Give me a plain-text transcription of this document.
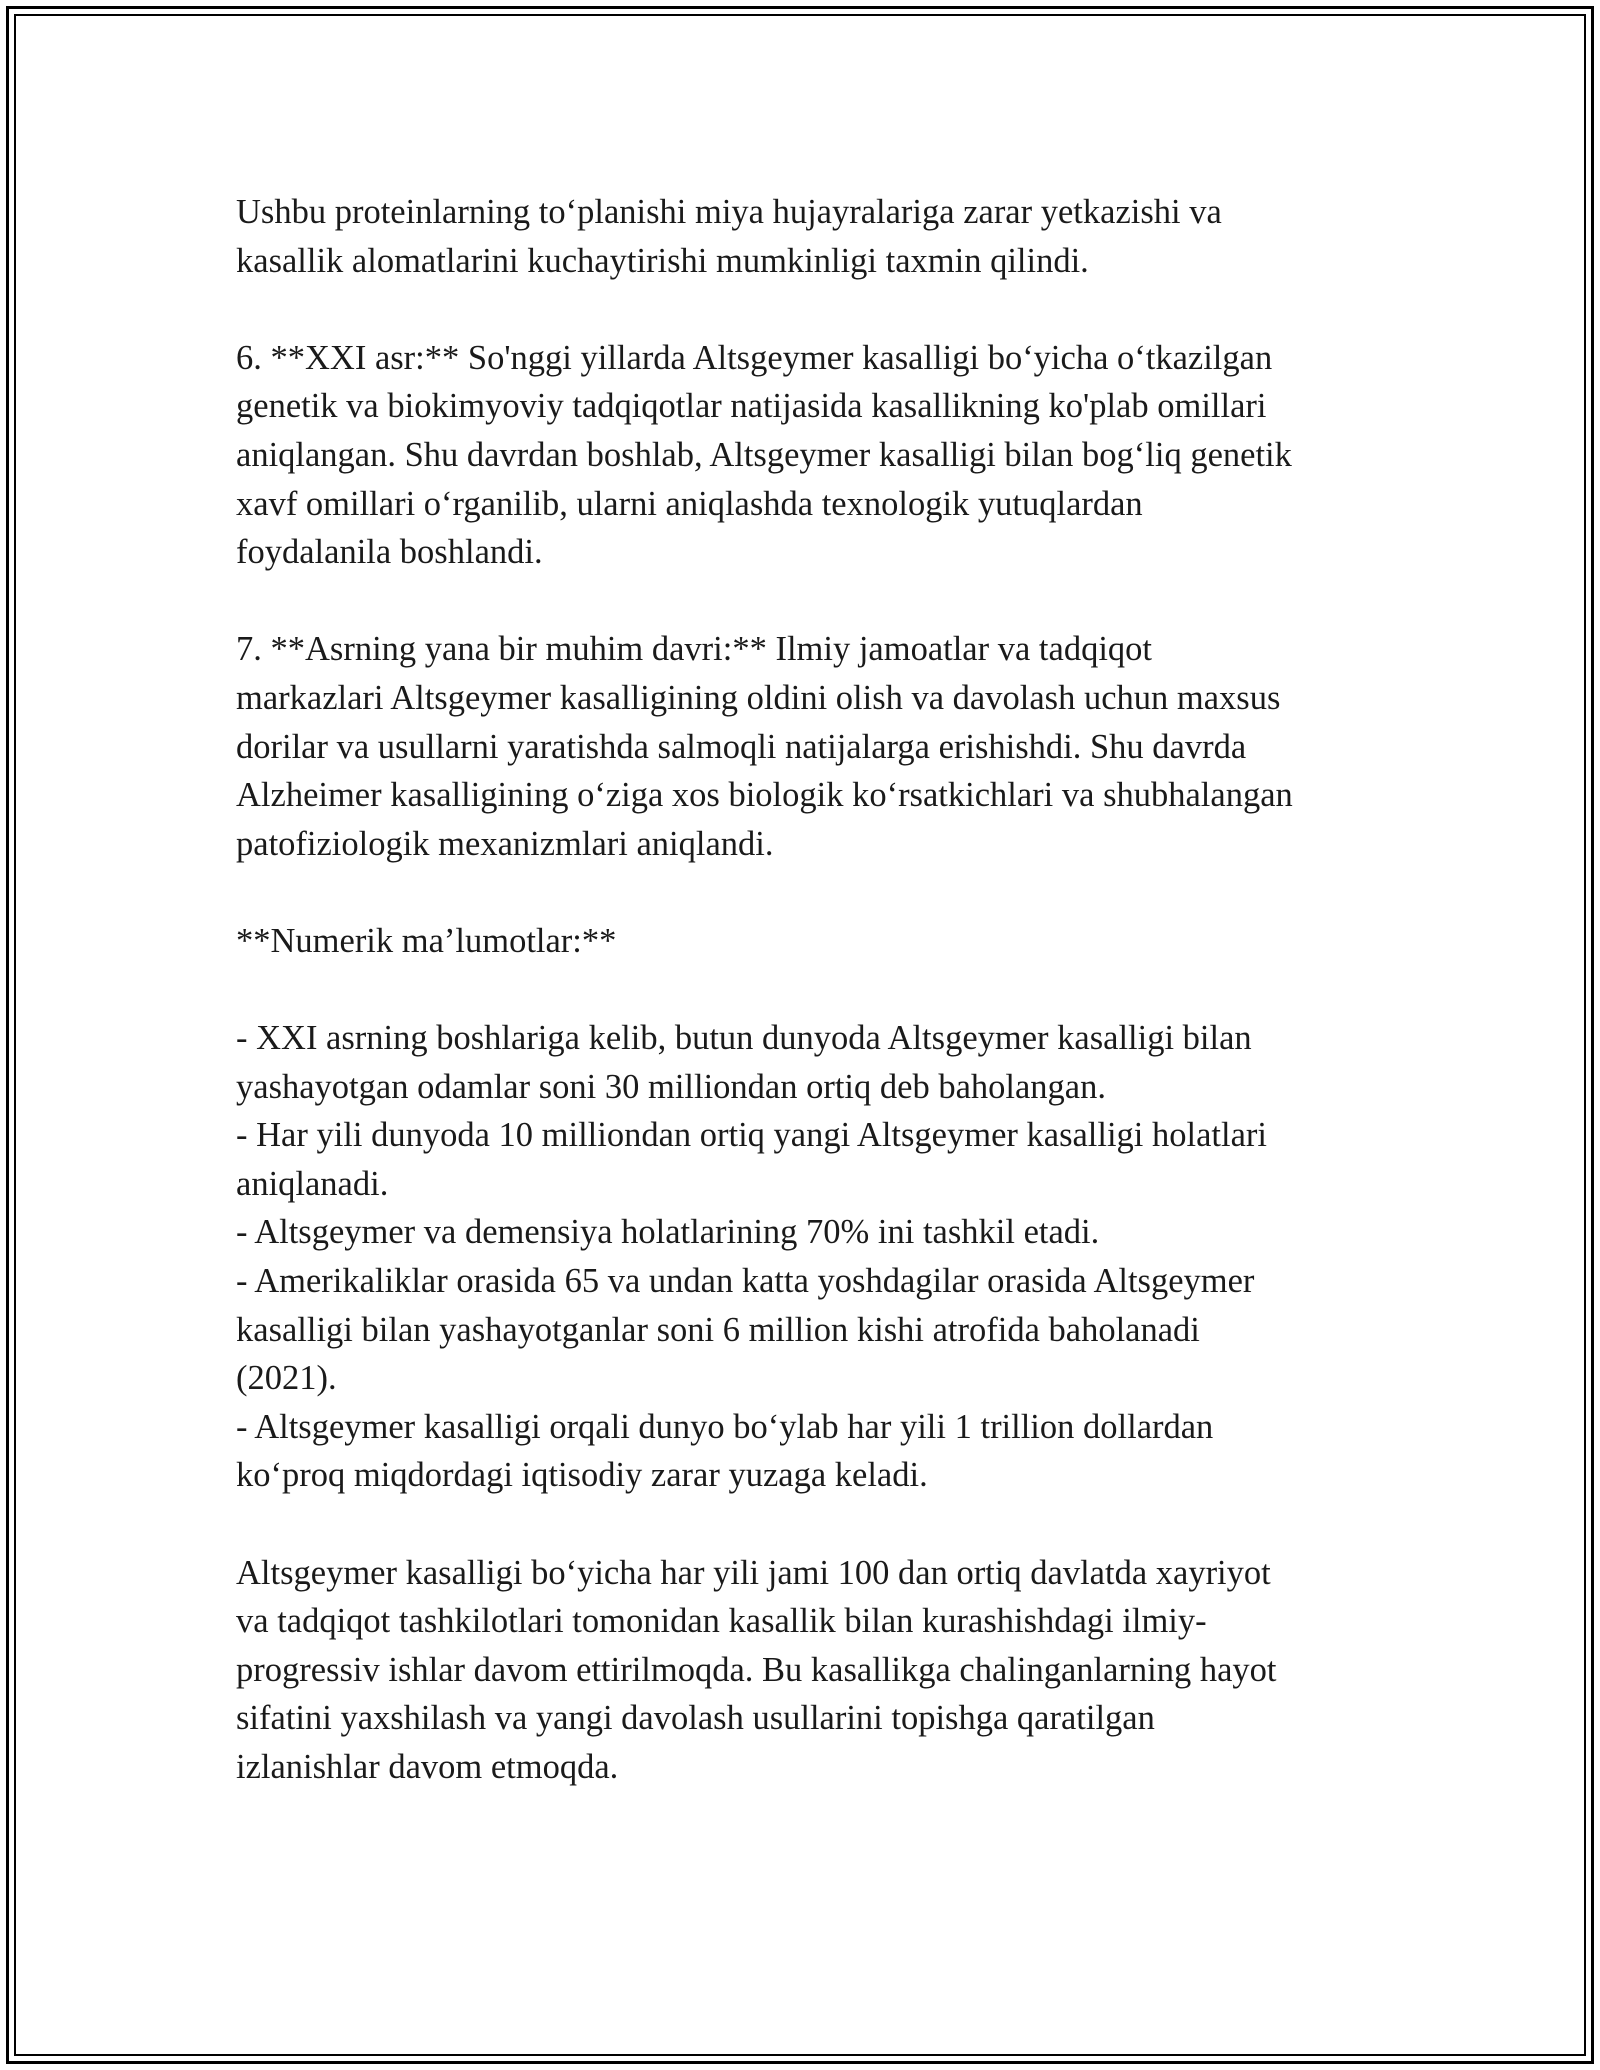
Ushbu proteinlarning to‘planishi miya hujayralariga zarar yetkazishi va
kasallik alomatlarini kuchaytirishi mumkinligi taxmin qilindi.
6. **XXI asr:** So'nggi yillarda Altsgeymer kasalligi bo‘yicha o‘tkazilgan
genetik va biokimyoviy tadqiqotlar natijasida kasallikning ko'plab omillari
aniqlangan. Shu davrdan boshlab, Altsgeymer kasalligi bilan bog‘liq genetik
xavf omillari o‘rganilib, ularni aniqlashda texnologik yutuqlardan
foydalanila boshlandi.
7. **Asrning yana bir muhim davri:** Ilmiy jamoatlar va tadqiqot
markazlari Altsgeymer kasalligining oldini olish va davolash uchun maxsus
dorilar va usullarni yaratishda salmoqli natijalarga erishishdi. Shu davrda
Alzheimer kasalligining o‘ziga xos biologik ko‘rsatkichlari va shubhalangan
patofiziologik mexanizmlari aniqlandi.
**Numerik ma’lumotlar:**
- XXI asrning boshlariga kelib, butun dunyoda Altsgeymer kasalligi bilan
yashayotgan odamlar soni 30 milliondan ortiq deb baholangan.
- Har yili dunyoda 10 milliondan ortiq yangi Altsgeymer kasalligi holatlari
aniqlanadi.
- Altsgeymer va demensiya holatlarining 70% ini tashkil etadi.
- Amerikaliklar orasida 65 va undan katta yoshdagilar orasida Altsgeymer
kasalligi bilan yashayotganlar soni 6 million kishi atrofida baholanadi
(2021).
- Altsgeymer kasalligi orqali dunyo bo‘ylab har yili 1 trillion dollardan
ko‘proq miqdordagi iqtisodiy zarar yuzaga keladi.
Altsgeymer kasalligi bo‘yicha har yili jami 100 dan ortiq davlatda xayriyot
va tadqiqot tashkilotlari tomonidan kasallik bilan kurashishdagi ilmiy-
progressiv ishlar davom ettirilmoqda. Bu kasallikga chalinganlarning hayot
sifatini yaxshilash va yangi davolash usullarini topishga qaratilgan
izlanishlar davom etmoqda.
